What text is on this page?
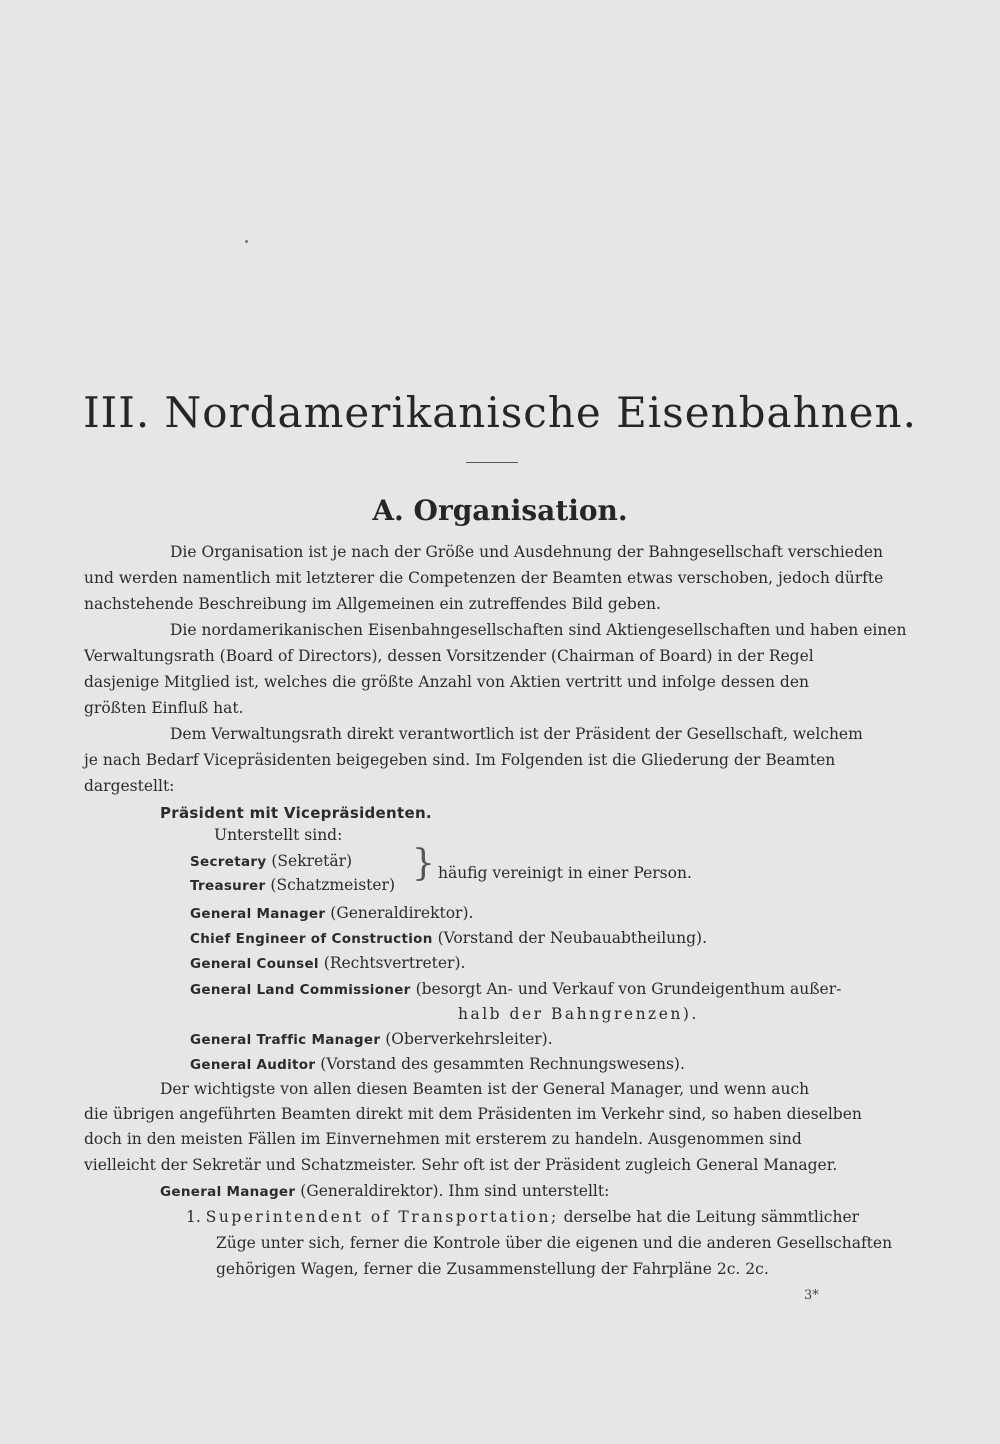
III. Nordamerikanische Eisenbahnen.
A. Organisation.
Die Organisation ist je nach der Größe und Ausdehnung der Bahngesellschaft verschieden
und werden namentlich mit letzterer die Competenzen der Beamten etwas verschoben, jedoch dürfte
nachstehende Beschreibung im Allgemeinen ein zutreffendes Bild geben.
Die nordamerikanischen Eisenbahngesellschaften sind Aktiengesellschaften und haben einen
Verwaltungsrath (Board of Directors), dessen Vorsitzender (Chairman of Board) in der Regel
dasjenige Mitglied ist, welches die größte Anzahl von Aktien vertritt und infolge dessen den
größten Einfluß hat.
Dem Verwaltungsrath direkt verantwortlich ist der Präsident der Gesellschaft, welchem
je nach Bedarf Vicepräsidenten beigegeben sind. Im Folgenden ist die Gliederung der Beamten
dargestellt:
Präsident mit Vicepräsidenten.
Unterstellt sind:
Secretary (Sekretär)
Treasurer (Schatzmeister)
} häufig vereinigt in einer Person.
General Manager (Generaldirektor).
Chief Engineer of Construction (Vorstand der Neubauabtheilung).
General Counsel (Rechtsvertreter).
General Land Commissioner (besorgt An- und Verkauf von Grundeigenthum außer-
halb der Bahngrenzen).
General Traffic Manager (Oberverkehrsleiter).
General Auditor (Vorstand des gesammten Rechnungswesens).
Der wichtigste von allen diesen Beamten ist der General Manager, und wenn auch
die übrigen angeführten Beamten direkt mit dem Präsidenten im Verkehr sind, so haben dieselben
doch in den meisten Fällen im Einvernehmen mit ersterem zu handeln. Ausgenommen sind
vielleicht der Sekretär und Schatzmeister. Sehr oft ist der Präsident zugleich General Manager.
General Manager (Generaldirektor). Ihm sind unterstellt:
1. Superintendent of Transportation; derselbe hat die Leitung sämmtlicher
Züge unter sich, ferner die Kontrole über die eigenen und die anderen Gesellschaften
gehörigen Wagen, ferner die Zusammenstellung der Fahrpläne 2c. 2c.
3*
